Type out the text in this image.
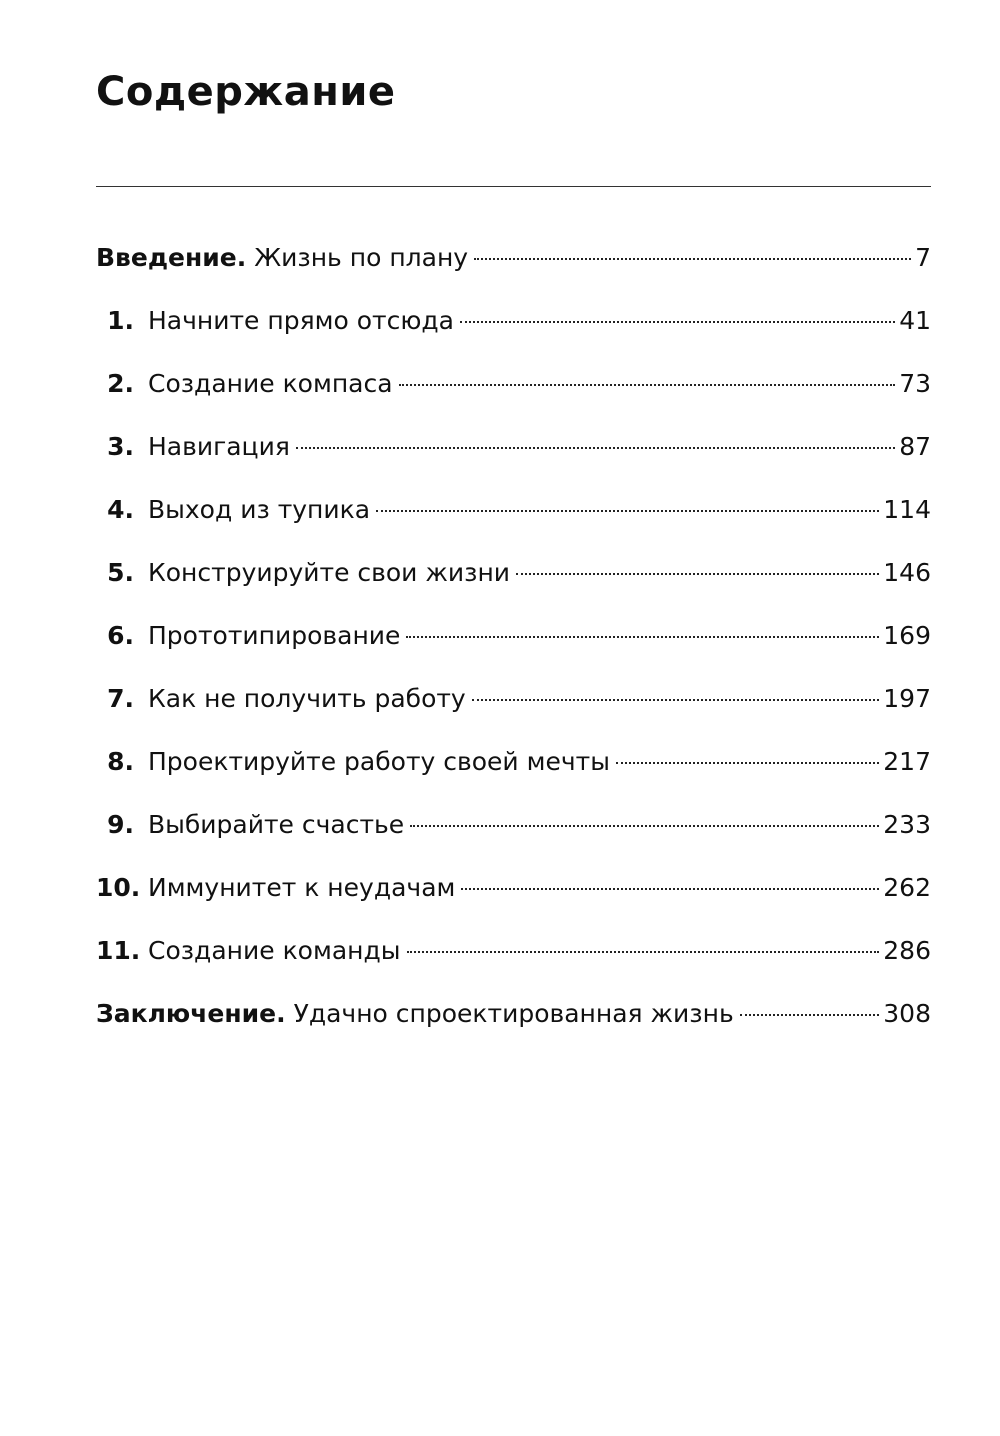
Содержание
Введение. Жизнь по плану	7
1. Начните прямо отсюда	41
2. Создание компаса	73
3. Навигация	87
4. Выход из тупика	114
5. Конструируйте свои жизни	146
6. Прототипирование	169
7. Как не получить работу	197
8. Проектируйте работу своей мечты	217
9. Выбирайте счастье	233
10. Иммунитет к неудачам	262
11. Создание команды	286
Заключение. Удачно спроектированная жизнь	308
